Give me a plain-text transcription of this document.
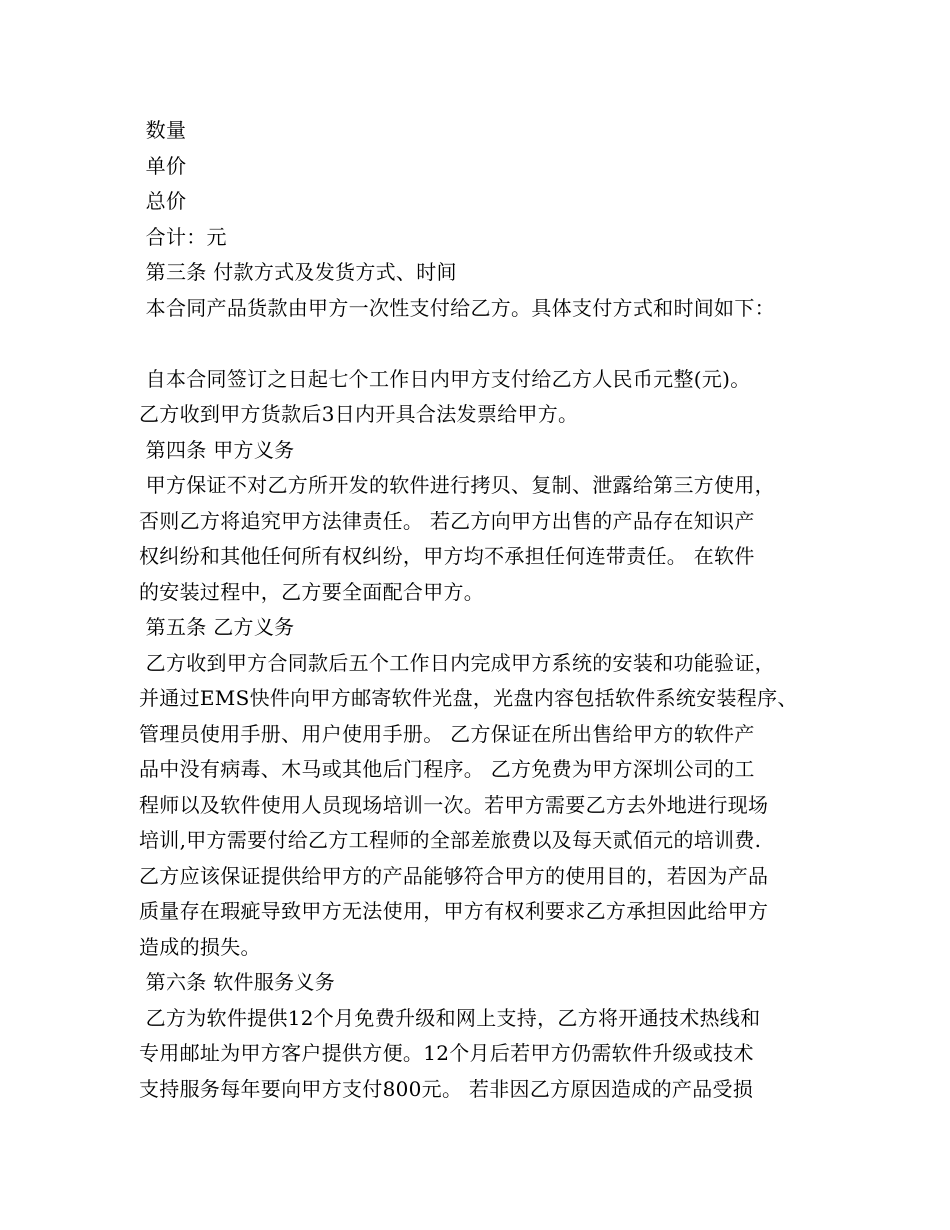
数量
单价
总价
合计：元
第三条 付款方式及发货方式、时间
本合同产品货款由甲方一次性支付给乙方。具体支付方式和时间如下：
自本合同签订之日起七个工作日内甲方支付给乙方人民币元整(元)。
乙方收到甲方货款后3日内开具合法发票给甲方。
第四条 甲方义务
甲方保证不对乙方所开发的软件进行拷贝、复制、泄露给第三方使用，
否则乙方将追究甲方法律责任。 若乙方向甲方出售的产品存在知识产
权纠纷和其他任何所有权纠纷，甲方均不承担任何连带责任。 在软件
的安装过程中，乙方要全面配合甲方。
第五条 乙方义务
乙方收到甲方合同款后五个工作日内完成甲方系统的安装和功能验证，
并通过EMS快件向甲方邮寄软件光盘，光盘内容包括软件系统安装程序、
管理员使用手册、用户使用手册。 乙方保证在所出售给甲方的软件产
品中没有病毒、木马或其他后门程序。 乙方免费为甲方深圳公司的工
程师以及软件使用人员现场培训一次。若甲方需要乙方去外地进行现场
培训,甲方需要付给乙方工程师的全部差旅费以及每天贰佰元的培训费.
乙方应该保证提供给甲方的产品能够符合甲方的使用目的，若因为产品
质量存在瑕疵导致甲方无法使用，甲方有权利要求乙方承担因此给甲方
造成的损失。
第六条 软件服务义务
乙方为软件提供12个月免费升级和网上支持，乙方将开通技术热线和
专用邮址为甲方客户提供方便。12个月后若甲方仍需软件升级或技术
支持服务每年要向甲方支付800元。 若非因乙方原因造成的产品受损
